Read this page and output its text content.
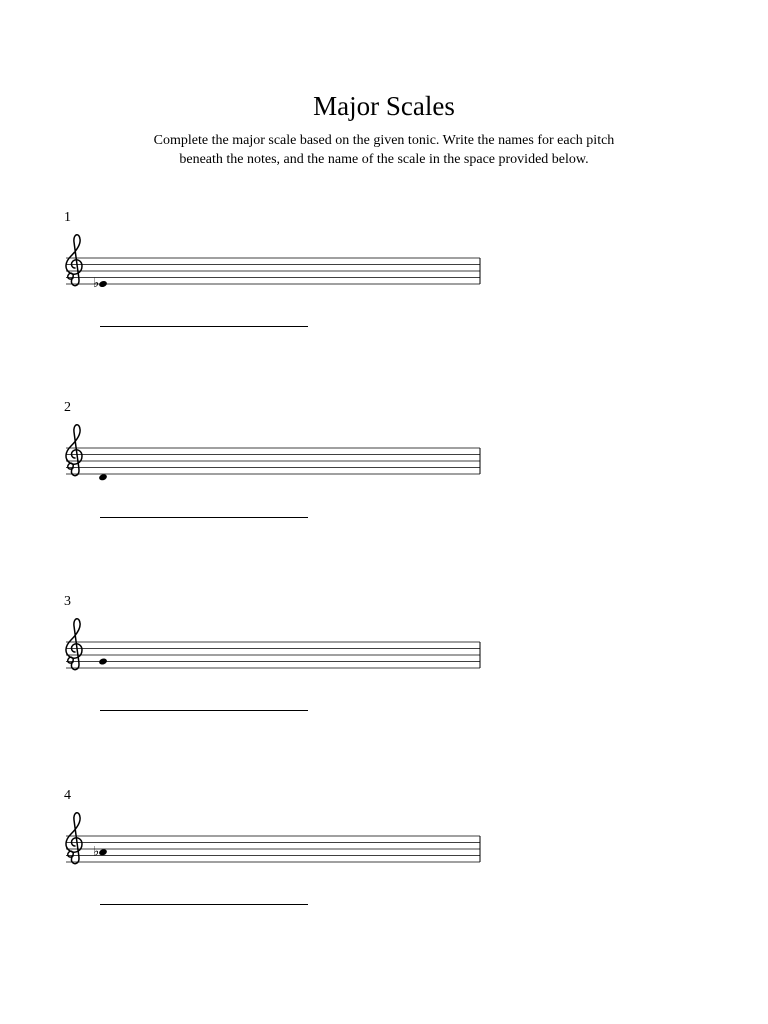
Major Scales
Complete the major scale based on the given tonic. Write the names for each pitch
beneath the notes, and the name of the scale in the space provided below.
1
♭
2
3
4
♭
